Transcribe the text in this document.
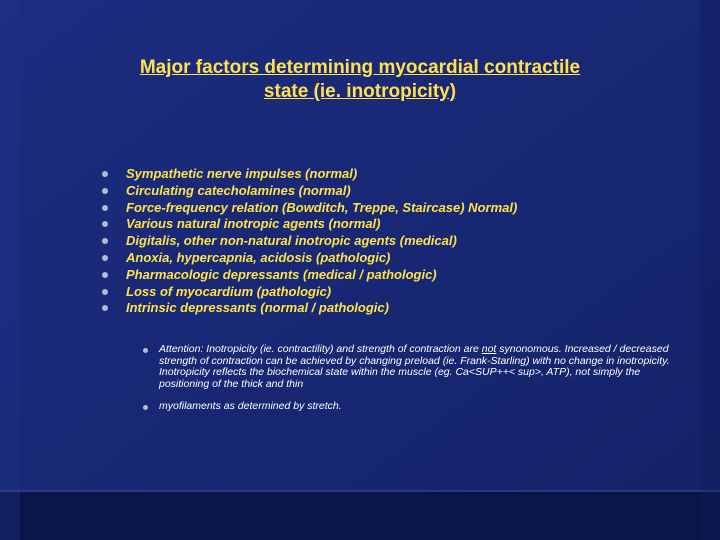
Major factors determining myocardial contractile
state (ie. inotropicity)
Sympathetic nerve impulses (normal)
Circulating catecholamines (normal)
Force-frequency relation (Bowditch, Treppe, Staircase) Normal)
Various natural inotropic agents (normal)
Digitalis, other non-natural inotropic agents (medical)
Anoxia, hypercapnia, acidosis (pathologic)
Pharmacologic depressants (medical / pathologic)
Loss of myocardium (pathologic)
Intrinsic depressants (normal / pathologic)
Attention: Inotropicity (ie. contractility) and strength of contraction are not synonomous. Increased / decreased strength of contraction can be achieved by changing preload (ie. Frank-Starling) with no change in inotropicity. Inotropicity reflects the biochemical state within the muscle (eg. Ca<SUP++< sup>, ATP), not simply the positioning of the thick and thin
myofilaments as determined by stretch.
